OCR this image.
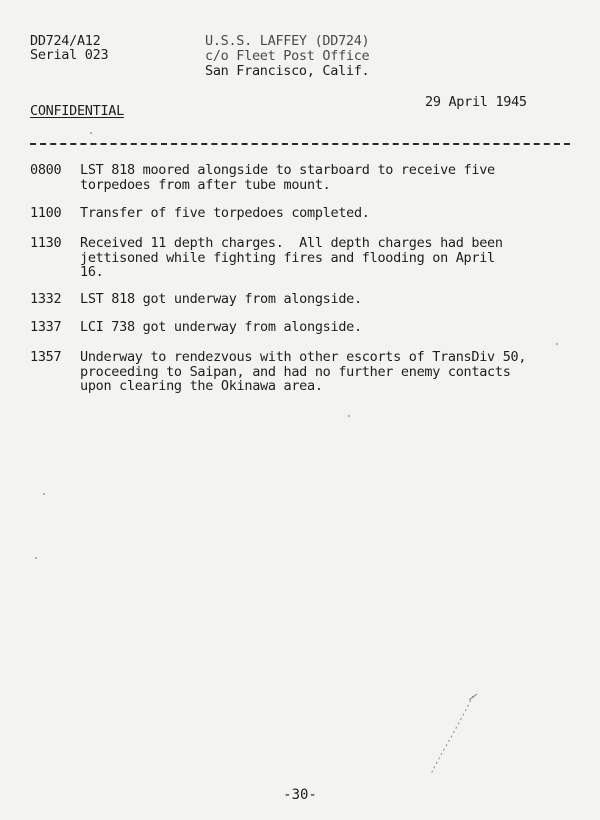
DD724/A12
Serial 023
U.S.S. LAFFEY (DD724)
c/o Fleet Post Office
San Francisco, Calif.
CONFIDENTIAL
29 April 1945
0800 LST 818 moored alongside to starboard to receive five
torpedoes from after tube mount.
1100 Transfer of five torpedoes completed.
1130 Received 11 depth charges.  All depth charges had been
jettisoned while fighting fires and flooding on April
16.
1332 LST 818 got underway from alongside.
1337 LCI 738 got underway from alongside.
1357 Underway to rendezvous with other escorts of TransDiv 50,
proceeding to Saipan, and had no further enemy contacts
upon clearing the Okinawa area.
-30-
